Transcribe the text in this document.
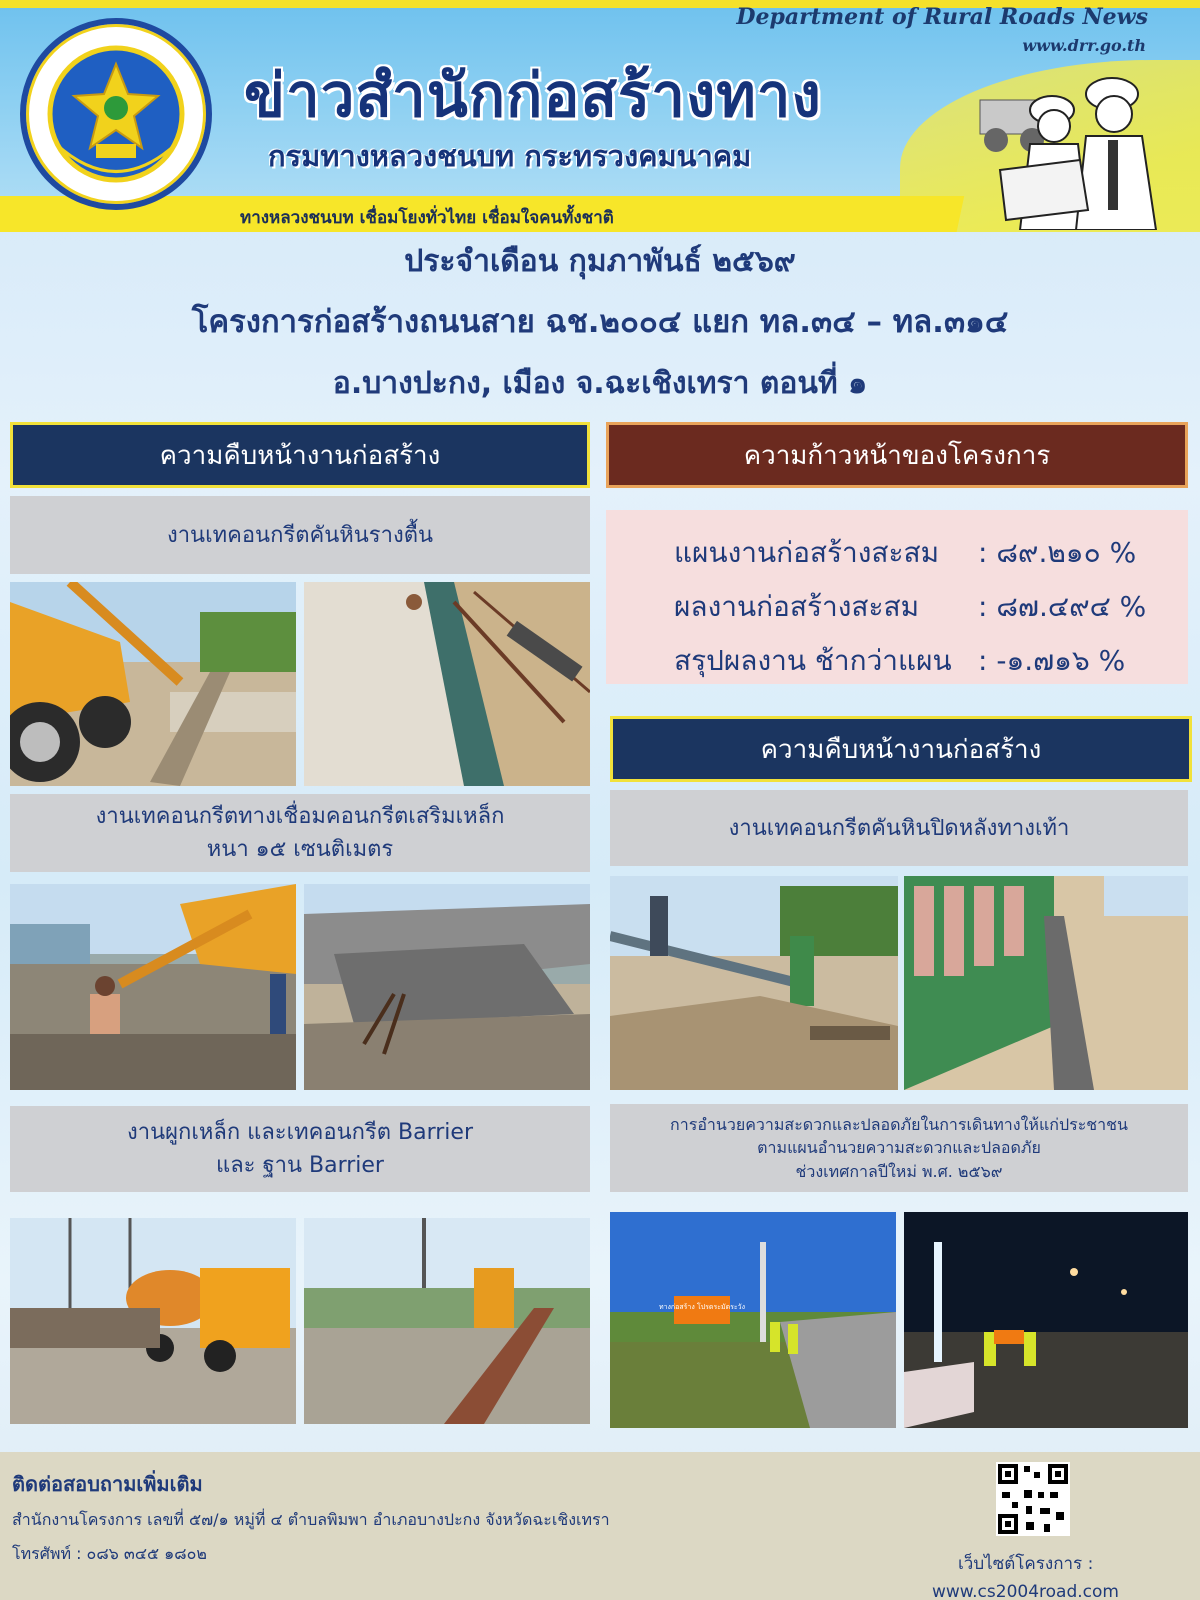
Department of Rural Roads News
www.drr.go.th
ข่าวสำนักก่อสร้างทาง
กรมทางหลวงชนบท กระทรวงคมนาคม
ทางหลวงชนบท เชื่อมโยงทั่วไทย เชื่อมใจคนทั้งชาติ
ประจำเดือน กุมภาพันธ์ ๒๕๖๙
โครงการก่อสร้างถนนสาย ฉช.๒๐๐๔ แยก ทล.๓๔ – ทล.๓๑๔
อ.บางปะกง, เมือง จ.ฉะเชิงเทรา ตอนที่ ๑
ความคืบหน้างานก่อสร้าง
งานเทคอนกรีตคันหินรางตื้น
งานเทคอนกรีตทางเชื่อมคอนกรีตเสริมเหล็ก
หนา ๑๕ เซนติเมตร
งานผูกเหล็ก และเทคอนกรีต Barrier
และ ฐาน Barrier
ความก้าวหน้าของโครงการ
แผนงานก่อสร้างสะสม	: ๘๙.๒๑๐ %
ผลงานก่อสร้างสะสม	: ๘๗.๔๙๔ %
สรุปผลงาน ช้ากว่าแผน : -๑.๗๑๖ %
ความคืบหน้างานก่อสร้าง
งานเทคอนกรีตคันหินปิดหลังทางเท้า
การอำนวยความสะดวกและปลอดภัยในการเดินทางให้แก่ประชาชน
ตามแผนอำนวยความสะดวกและปลอดภัย
ช่วงเทศกาลปีใหม่ พ.ศ. ๒๕๖๙
ทางก่อสร้าง โปรดระมัดระวัง
ติดต่อสอบถามเพิ่มเติม
สำนักงานโครงการ เลขที่ ๕๗/๑ หมู่ที่ ๔ ตำบลพิมพา อำเภอบางปะกง จังหวัดฉะเชิงเทรา
โทรศัพท์ : ๐๘๖ ๓๔๕ ๑๘๐๒
เว็บไซต์โครงการ :
www.cs2004road.com
